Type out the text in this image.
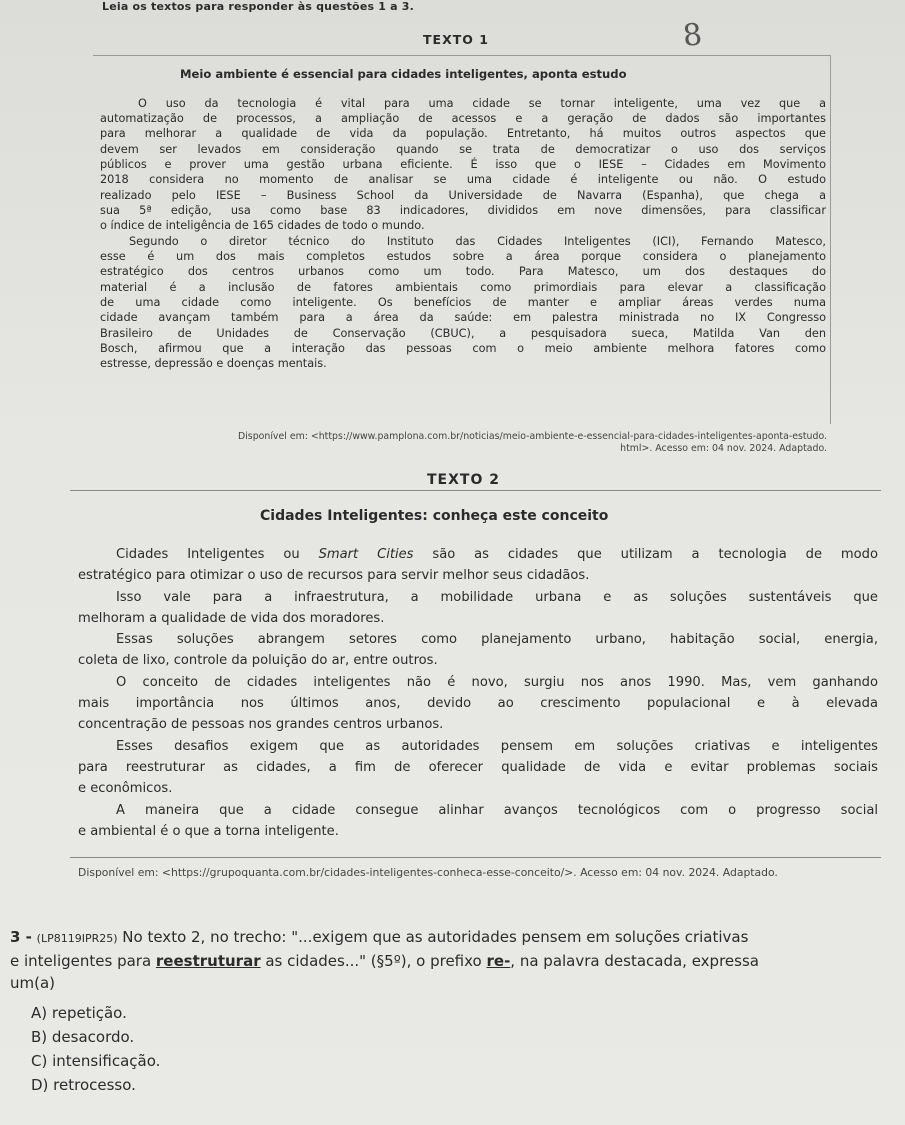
Leia os textos para responder às questões 1 a 3.
8
TEXTO 1
Meio ambiente é essencial para cidades inteligentes, aponta estudo
O uso da tecnologia é vital para uma cidade se tornar inteligente, uma vez que a
automatização de processos, a ampliação de acessos e a geração de dados são importantes
para melhorar a qualidade de vida da população. Entretanto, há muitos outros aspectos que
devem ser levados em consideração quando se trata de democratizar o uso dos serviços
públicos e prover uma gestão urbana eficiente. É isso que o IESE – Cidades em Movimento
2018 considera no momento de analisar se uma cidade é inteligente ou não. O estudo
realizado pelo IESE – Business School da Universidade de Navarra (Espanha), que chega a
sua 5ª edição, usa como base 83 indicadores, divididos em nove dimensões, para classificar
o índice de inteligência de 165 cidades de todo o mundo.
Segundo o diretor técnico do Instituto das Cidades Inteligentes (ICI), Fernando Matesco,
esse é um dos mais completos estudos sobre a área porque considera o planejamento
estratégico dos centros urbanos como um todo. Para Matesco, um dos destaques do
material é a inclusão de fatores ambientais como primordiais para elevar a classificação
de uma cidade como inteligente. Os benefícios de manter e ampliar áreas verdes numa
cidade avançam também para a área da saúde: em palestra ministrada no IX Congresso
Brasileiro de Unidades de Conservação (CBUC), a pesquisadora sueca, Matilda Van den
Bosch, afirmou que a interação das pessoas com o meio ambiente melhora fatores como
estresse, depressão e doenças mentais.
Disponível em: <https://www.pamplona.com.br/noticias/meio-ambiente-e-essencial-para-cidades-inteligentes-aponta-estudo.
html>. Acesso em: 04 nov. 2024. Adaptado.
TEXTO 2
Cidades Inteligentes: conheça este conceito
Cidades Inteligentes ou Smart Cities são as cidades que utilizam a tecnologia de modo
estratégico para otimizar o uso de recursos para servir melhor seus cidadãos.
Isso vale para a infraestrutura, a mobilidade urbana e as soluções sustentáveis que
melhoram a qualidade de vida dos moradores.
Essas soluções abrangem setores como planejamento urbano, habitação social, energia,
coleta de lixo, controle da poluição do ar, entre outros.
O conceito de cidades inteligentes não é novo, surgiu nos anos 1990. Mas, vem ganhando
mais importância nos últimos anos, devido ao crescimento populacional e à elevada
concentração de pessoas nos grandes centros urbanos.
Esses desafios exigem que as autoridades pensem em soluções criativas e inteligentes
para reestruturar as cidades, a fim de oferecer qualidade de vida e evitar problemas sociais
e econômicos.
A maneira que a cidade consegue alinhar avanços tecnológicos com o progresso social
e ambiental é o que a torna inteligente.
Disponível em: <https://grupoquanta.com.br/cidades-inteligentes-conheca-esse-conceito/>. Acesso em: 04 nov. 2024. Adaptado.
3 - (LP8119IPR25) No texto 2, no trecho: "...exigem que as autoridades pensem em soluções criativas
e inteligentes para reestruturar as cidades..." (§5º), o prefixo re-, na palavra destacada, expressa
um(a)
A) repetição.
B) desacordo.
C) intensificação.
D) retrocesso.
